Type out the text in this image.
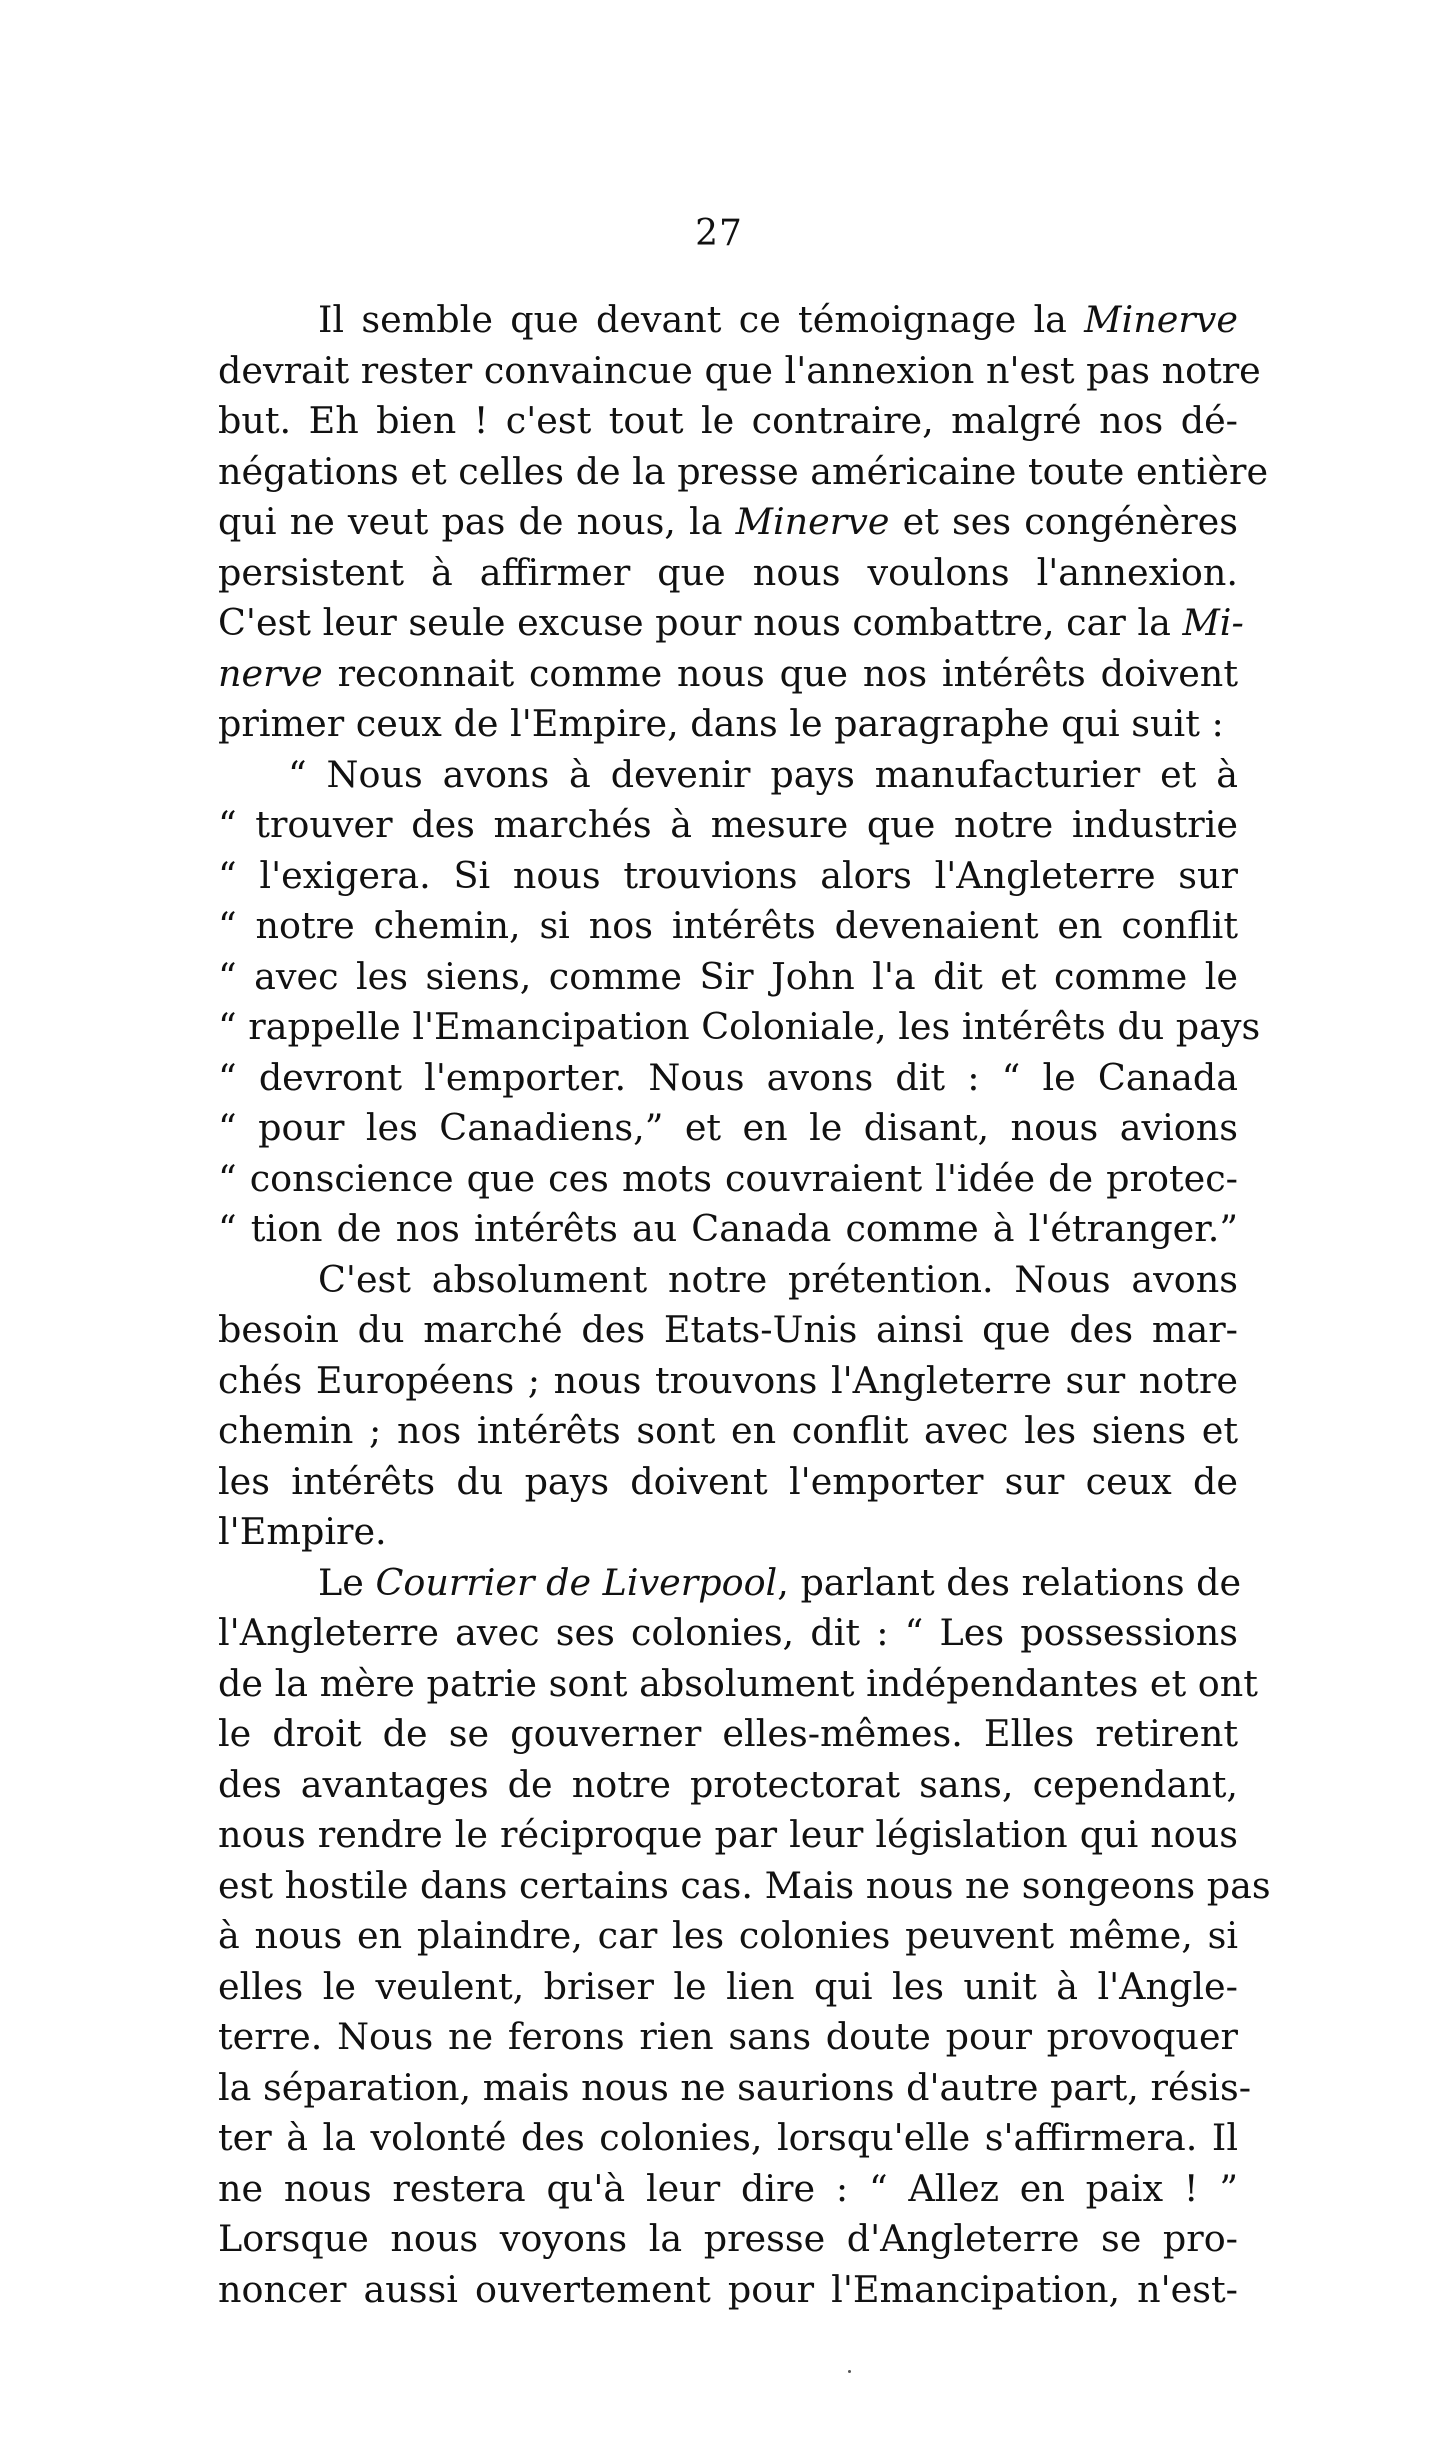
27
Il semble que devant ce témoignage la Minerve
devrait rester convaincue que l'annexion n'est pas notre
but. Eh bien ! c'est tout le contraire, malgré nos dé-
négations et celles de la presse américaine toute entière
qui ne veut pas de nous, la Minerve et ses congénères
persistent à affirmer que nous voulons l'annexion.
C'est leur seule excuse pour nous combattre, car la Mi-
nerve reconnait comme nous que nos intérêts doivent
primer ceux de l'Empire, dans le paragraphe qui suit :
“ Nous avons à devenir pays manufacturier et à
“ trouver des marchés à mesure que notre industrie
“ l'exigera. Si nous trouvions alors l'Angleterre sur
“ notre chemin, si nos intérêts devenaient en conflit
“ avec les siens, comme Sir John l'a dit et comme le
“ rappelle l'Emancipation Coloniale, les intérêts du pays
“ devront l'emporter. Nous avons dit : “ le Canada
“ pour les Canadiens,” et en le disant, nous avions
“ conscience que ces mots couvraient l'idée de protec-
“ tion de nos intérêts au Canada comme à l'étranger.”
C'est absolument notre prétention. Nous avons
besoin du marché des Etats-Unis ainsi que des mar-
chés Européens ; nous trouvons l'Angleterre sur notre
chemin ; nos intérêts sont en conflit avec les siens et
les intérêts du pays doivent l'emporter sur ceux de
l'Empire.
Le Courrier de Liverpool, parlant des relations de
l'Angleterre avec ses colonies, dit : “ Les possessions
de la mère patrie sont absolument indépendantes et ont
le droit de se gouverner elles-mêmes. Elles retirent
des avantages de notre protectorat sans, cependant,
nous rendre le réciproque par leur législation qui nous
est hostile dans certains cas. Mais nous ne songeons pas
à nous en plaindre, car les colonies peuvent même, si
elles le veulent, briser le lien qui les unit à l'Angle-
terre. Nous ne ferons rien sans doute pour provoquer
la séparation, mais nous ne saurions d'autre part, résis-
ter à la volonté des colonies, lorsqu'elle s'affirmera. Il
ne nous restera qu'à leur dire : “ Allez en paix ! ”
Lorsque nous voyons la presse d'Angleterre se pro-
noncer aussi ouvertement pour l'Emancipation, n'est-
